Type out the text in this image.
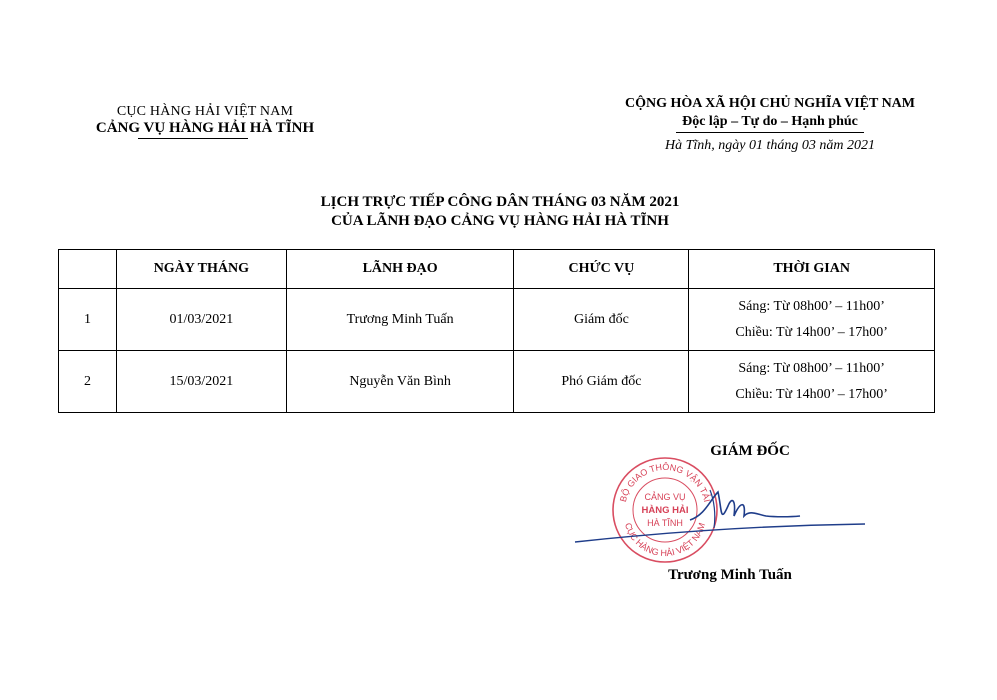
CỤC HÀNG HẢI VIỆT NAM
CẢNG VỤ HÀNG HẢI HÀ TĨNH
CỘNG HÒA XÃ HỘI CHỦ NGHĨA VIỆT NAM
Độc lập – Tự do – Hạnh phúc
Hà Tĩnh, ngày 01 tháng 03 năm 2021
LỊCH TRỰC TIẾP CÔNG DÂN THÁNG 03 NĂM 2021
CỦA LÃNH ĐẠO CẢNG VỤ HÀNG HẢI HÀ TĨNH
	NGÀY THÁNG	LÃNH ĐẠO	CHỨC VỤ	THỜI GIAN
1	01/03/2021	Trương Minh Tuấn	Giám đốc	Sáng: Từ 08h00’ – 11h00’
Chiều: Từ 14h00’ – 17h00’

2	15/03/2021	Nguyễn Văn Bình	Phó Giám đốc	Sáng: Từ 08h00’ – 11h00’
Chiều: Từ 14h00’ – 17h00’
GIÁM ĐỐC
BỘ GIAO THÔNG VẬN TẢI
CỤC HÀNG HẢI VIỆT NAM
CẢNG VỤ
HÀNG HẢI
HÀ TĨNH
Trương Minh Tuấn
